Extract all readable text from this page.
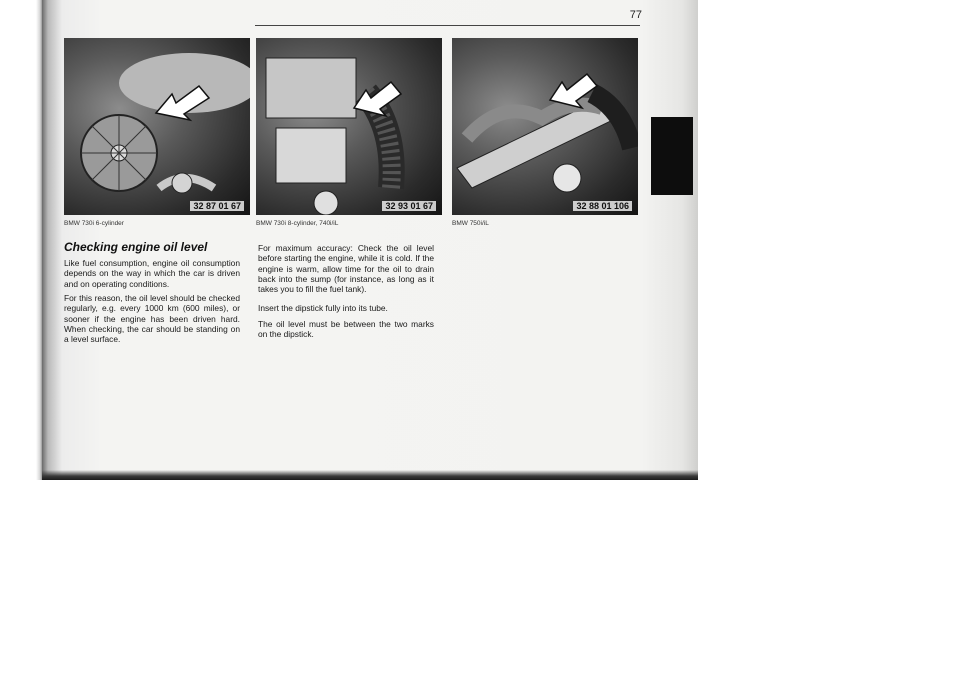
77
32 87 01 67
BMW 730i 6-cylinder
32 93 01 67
BMW 730i 8-cylinder, 740i/iL
32 88 01 106
BMW 750i/iL
Checking engine oil level

Like fuel consumption, engine oil consumption depends on the way in which the car is driven and on operating conditions.

For this reason, the oil level should be checked regularly, e.g. every 1000 km (600 miles), or sooner if the engine has been driven hard. When checking, the car should be standing on a level surface.

For maximum accuracy: Check the oil level before starting the engine, while it is cold. If the engine is warm, allow time for the oil to drain back into the sump (for instance, as long as it takes you to fill the fuel tank).

Insert the dipstick fully into its tube.

The oil level must be between the two marks on the dipstick.
